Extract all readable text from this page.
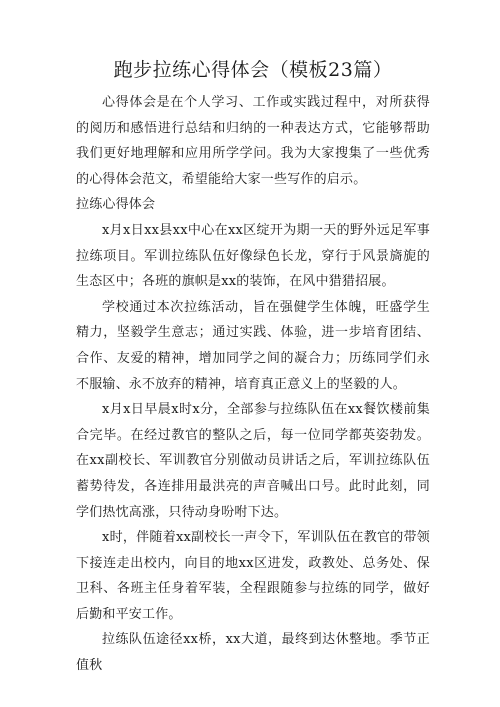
跑步拉练心得体会（模板23篇）

心得体会是在个人学习、工作或实践过程中，对所获得的阅历和感悟进行总结和归纳的一种表达方式，它能够帮助我们更好地理解和应用所学学问。我为大家搜集了一些优秀的心得体会范文，希望能给大家一些写作的启示。

拉练心得体会

x月x日xx县xx中心在xx区绽开为期一天的野外远足军事拉练项目。军训拉练队伍好像绿色长龙，穿行于风景旖旎的生态区中；各班的旗帜是xx的装饰，在风中猎猎招展。

学校通过本次拉练活动，旨在强健学生体魄，旺盛学生精力，坚毅学生意志；通过实践、体验，进一步培育团结、合作、友爱的精神，增加同学之间的凝合力；历练同学们永不服输、永不放弃的精神，培育真正意义上的坚毅的人。

x月x日早晨x时x分，全部参与拉练队伍在xx餐饮楼前集合完毕。在经过教官的整队之后，每一位同学都英姿勃发。在xx副校长、军训教官分别做动员讲话之后，军训拉练队伍蓄势待发，各连排用最洪亮的声音喊出口号。此时此刻，同学们热忱高涨，只待动身吩咐下达。

x时，伴随着xx副校长一声令下，军训队伍在教官的带领下接连走出校内，向目的地xx区进发，政教处、总务处、保卫科、各班主任身着军装，全程跟随参与拉练的同学，做好后勤和平安工作。

拉练队伍途径xx桥，xx大道，最终到达休整地。季节正值秋
